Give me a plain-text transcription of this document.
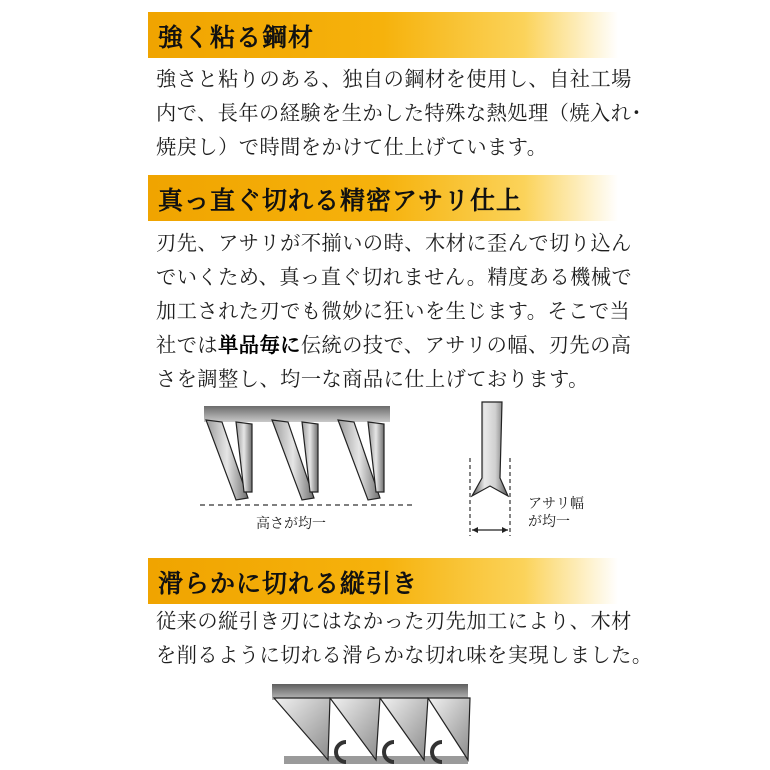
強く粘る鋼材
強さと粘りのある、独自の鋼材を使用し、自社工場
内で、長年の経験を生かした特殊な熱処理（焼入れ･
焼戻し）で時間をかけて仕上げています。
真っ直ぐ切れる精密アサリ仕上
刃先、アサリが不揃いの時、木材に歪んで切り込ん
でいくため、真っ直ぐ切れません。精度ある機械で
加工された刃でも微妙に狂いを生じます。そこで当
社では単品毎に伝統の技で、アサリの幅、刃先の高
さを調整し、均一な商品に仕上げております。
高さが均一
アサリ幅
が均一
滑らかに切れる縦引き
従来の縦引き刃にはなかった刃先加工により、木材
を削るように切れる滑らかな切れ味を実現しました。
